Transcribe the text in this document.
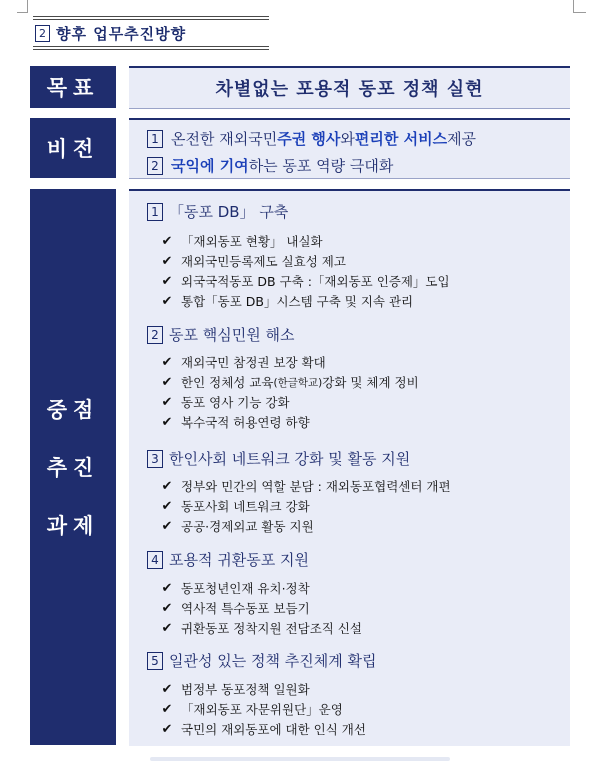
2 향후 업무추진방향
목표	차별없는 포용적 동포 정책 실현
비전	1 온전한 재외국민 주권 행사 와 편리한 서비스 제공
2 국익에 기여 하는 동포 역량 극대화
중점
추진
과제
1 「동포 DB」 구축
✔ 「재외동포 현황」 내실화
✔ 재외국민등록제도 실효성 제고
✔ 외국국적동포 DB 구축 :「재외동포 인증제」도입
✔ 통합「동포 DB」시스템 구축 및 지속 관리
2 동포 핵심민원 해소
✔ 재외국민 참정권 보장 확대
✔ 한인 정체성 교육 (한글학교) 강화 및 체계 정비
✔ 동포 영사 기능 강화
✔ 복수국적 허용연령 하향
3 한인사회 네트워크 강화 및 활동 지원
✔ 정부와 민간의 역할 분담 : 재외동포협력센터 개편
✔ 동포사회 네트워크 강화
✔ 공공·경제외교 활동 지원
4 포용적 귀환동포 지원
✔ 동포청년인재 유치·정착
✔ 역사적 특수동포 보듬기
✔ 귀환동포 정착지원 전담조직 신설
5 일관성 있는 정책 추진체계 확립
✔ 범정부 동포정책 일원화
✔ 「재외동포 자문위원단」운영
✔ 국민의 재외동포에 대한 인식 개선
